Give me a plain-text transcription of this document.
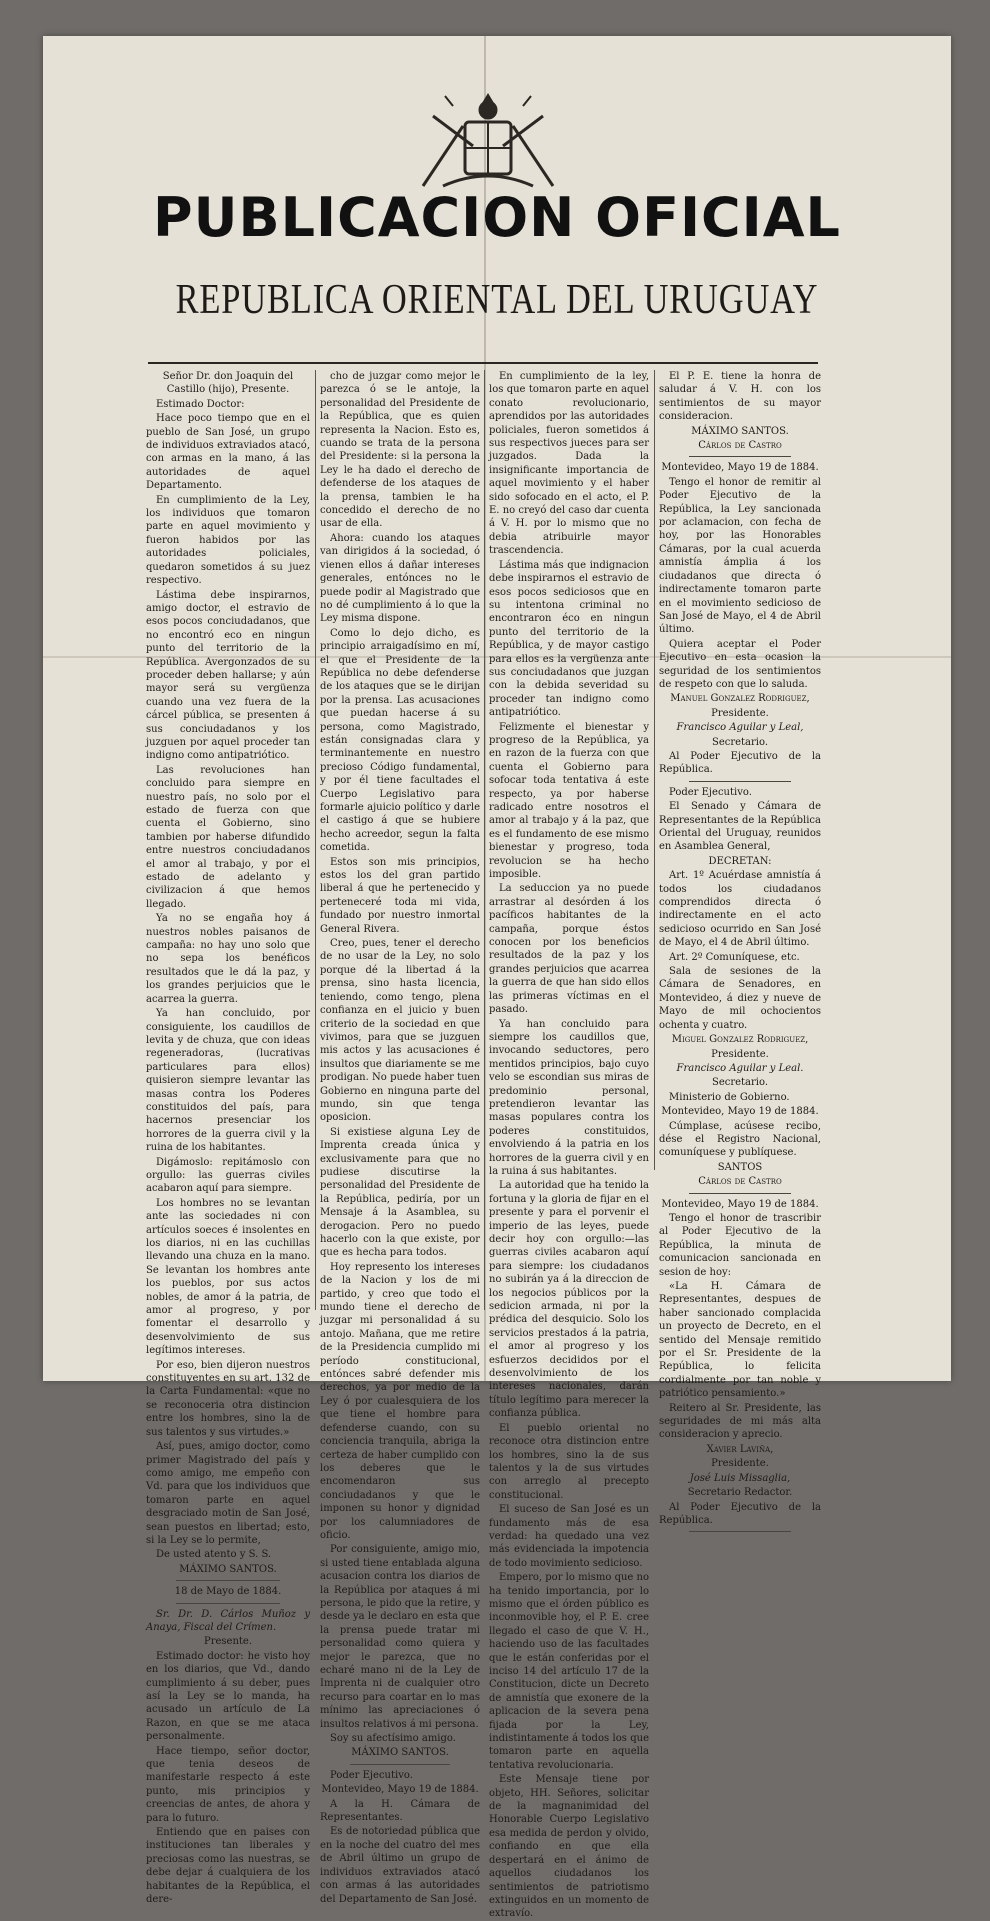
PUBLICACION OFICIAL
REPUBLICA ORIENTAL DEL URUGUAY

Señor Dr. don Joaquin del Castillo (hijo), Presente.

Estimado Doctor:

Hace poco tiempo que en el pueblo de San José, un grupo de individuos extraviados atacó, con armas en la mano, á las autoridades de aquel Departamento.

En cumplimiento de la Ley, los individuos que tomaron parte en aquel movimiento y fueron habidos por las autoridades policiales, quedaron sometidos á su juez respectivo.

Lástima debe inspirarnos, amigo doctor, el estravio de esos pocos conciudadanos, que no encontró eco en ningun punto del territorio de la República. Avergonzados de su proceder deben hallarse; y aún mayor será su vergüenza cuando una vez fuera de la cárcel pública, se presenten á sus conciudadanos y los juzguen por aquel proceder tan indigno como antipatriótico.

Las revoluciones han concluido para siempre en nuestro país, no solo por el estado de fuerza con que cuenta el Gobierno, sino tambien por haberse difundido entre nuestros conciudadanos el amor al trabajo, y por el estado de adelanto y civilizacion á que hemos llegado.

Ya no se engaña hoy á nuestros nobles paisanos de campaña: no hay uno solo que no sepa los benéficos resultados que le dá la paz, y los grandes perjuicios que le acarrea la guerra.

Ya han concluido, por consiguiente, los caudillos de levita y de chuza, que con ideas regeneradoras, (lucrativas particulares para ellos) quisieron siempre levantar las masas contra los Poderes constituidos del país, para hacernos presenciar los horrores de la guerra civil y la ruina de los habitantes.

Digámoslo: repitámoslo con orgullo: las guerras civiles acabaron aquí para siempre.

Los hombres no se levantan ante las sociedades ni con artículos soeces é insolentes en los diarios, ni en las cuchillas llevando una chuza en la mano. Se levantan los hombres ante los pueblos, por sus actos nobles, de amor á la patria, de amor al progreso, y por fomentar el desarrollo y desenvolvimiento de sus legítimos intereses.

Por eso, bien dijeron nuestros constituyentes en su art. 132 de la Carta Fundamental: «que no se reconoceria otra distincion entre los hombres, sino la de sus talentos y sus virtudes.»

Así, pues, amigo doctor, como primer Magistrado del país y como amigo, me empeño con Vd. para que los individuos que tomaron parte en aquel desgraciado motin de San José, sean puestos en libertad; esto, si la Ley se lo permite,

De usted atento y S. S.

MÁXIMO SANTOS.

18 de Mayo de 1884.

Sr. Dr. D. Cárlos Muñoz y Anaya, Fiscal del Crímen.

Presente.

Estimado doctor: he visto hoy en los diarios, que Vd., dando cumplimiento á su deber, pues así la Ley se lo manda, ha acusado un artículo de La Razon, en que se me ataca personalmente.

Hace tiempo, señor doctor, que tenia deseos de manifestarle respecto á este punto, mis principios y creencias de antes, de ahora y para lo futuro.

Entiendo que en paises con instituciones tan liberales y preciosas como las nuestras, se debe dejar á cualquiera de los habitantes de la República, el dere-

cho de juzgar como mejor le parezca ó se le antoje, la personalidad del Presidente de la República, que es quien representa la Nacion. Esto es, cuando se trata de la persona del Presidente: si la persona la Ley le ha dado el derecho de defenderse de los ataques de la prensa, tambien le ha concedido el derecho de no usar de ella.

Ahora: cuando los ataques van dirigidos á la sociedad, ó vienen ellos á dañar intereses generales, entónces no le puede podir al Magistrado que no dé cumplimiento á lo que la Ley misma dispone.

Como lo dejo dicho, es principio arraigadísimo en mí, el que el Presidente de la República no debe defenderse de los ataques que se le dirijan por la prensa. Las acusaciones que puedan hacerse á su persona, como Magistrado, están consignadas clara y terminantemente en nuestro precioso Código fundamental, y por él tiene facultades el Cuerpo Legislativo para formarle ajuicio político y darle el castigo á que se hubiere hecho acreedor, segun la falta cometida.

Estos son mis principios, estos los del gran partido liberal á que he pertenecido y perteneceré toda mi vida, fundado por nuestro inmortal General Rivera.

Creo, pues, tener el derecho de no usar de la Ley, no solo porque dé la libertad á la prensa, sino hasta licencia, teniendo, como tengo, plena confianza en el juicio y buen criterio de la sociedad en que vivimos, para que se juzguen mis actos y las acusaciones é insultos que diariamente se me prodigan. No puede haber tuen Gobierno en ninguna parte del mundo, sin que tenga oposicion.

Si existiese alguna Ley de Imprenta creada única y exclusivamente para que no pudiese discutirse la personalidad del Presidente de la República, pediría, por un Mensaje á la Asamblea, su derogacion. Pero no puedo hacerlo con la que existe, por que es hecha para todos.

Hoy represento los intereses de la Nacion y los de mi partido, y creo que todo el mundo tiene el derecho de juzgar mi personalidad á su antojo. Mañana, que me retire de la Presidencia cumplido mi período constitucional, entónces sabré defender mis derechos, ya por medio de la Ley ó por cualesquiera de los que tiene el hombre para defenderse cuando, con su conciencia tranquila, abriga la certeza de haber cumplido con los deberes que le encomendaron sus conciudadanos y que le imponen su honor y dignidad por los calumniadores de oficio.

Por consiguiente, amigo mio, si usted tiene entablada alguna acusacion contra los diarios de la República por ataques á mi persona, le pido que la retire, y desde ya le declaro en esta que la prensa puede tratar mi personalidad como quiera y mejor le parezca, que no echaré mano ni de la Ley de Imprenta ni de cualquier otro recurso para coartar en lo mas mínimo las apreciaciones ó insultos relativos á mi persona.

Soy su afectísimo amigo.

MÁXIMO SANTOS.

Poder Ejecutivo.

Montevideo, Mayo 19 de 1884.

A la H. Cámara de Representantes.

Es de notoriedad pública que en la noche del cuatro del mes de Abril último un grupo de individuos extraviados atacó con armas á las autoridades del Departamento de San José.

En cumplimiento de la ley, los que tomaron parte en aquel conato revolucionario, aprendidos por las autoridades policiales, fueron sometidos á sus respectivos jueces para ser juzgados. Dada la insignificante importancia de aquel movimiento y el haber sido sofocado en el acto, el P. E. no creyó del caso dar cuenta á V. H. por lo mismo que no debia atribuirle mayor trascendencia.

Lástima más que indignacion debe inspirarnos el estravio de esos pocos sediciosos que en su intentona criminal no encontraron éco en ningun punto del territorio de la República, y de mayor castigo para ellos es la vergüenza ante sus conciudadanos que juzgan con la debida severidad su proceder tan indigno como antipatriótico.

Felizmente el bienestar y progreso de la República, ya en razon de la fuerza con que cuenta el Gobierno para sofocar toda tentativa á este respecto, ya por haberse radicado entre nosotros el amor al trabajo y á la paz, que es el fundamento de ese mismo bienestar y progreso, toda revolucion se ha hecho imposible.

La seduccion ya no puede arrastrar al desórden á los pacíficos habitantes de la campaña, porque éstos conocen por los beneficios resultados de la paz y los grandes perjuicios que acarrea la guerra de que han sido ellos las primeras víctimas en el pasado.

Ya han concluido para siempre los caudillos que, invocando seductores, pero mentidos principios, bajo cuyo velo se escondian sus miras de predominio personal, pretendieron levantar las masas populares contra los poderes constituidos, envolviendo á la patria en los horrores de la guerra civil y en la ruina á sus habitantes.

La autoridad que ha tenido la fortuna y la gloria de fijar en el presente y para el porvenir el imperio de las leyes, puede decir hoy con orgullo:—las guerras civiles acabaron aquí para siempre: los ciudadanos no subirán ya á la direccion de los negocios públicos por la sedicion armada, ni por la prédica del desquicio. Solo los servicios prestados á la patria, el amor al progreso y los esfuerzos decididos por el desenvolvimiento de los intereses nacionales, darán título legítimo para merecer la confianza pública.

El pueblo oriental no reconoce otra distincion entre los hombres, sino la de sus talentos y la de sus virtudes con arreglo al precepto constitucional.

El suceso de San José es un fundamento más de esa verdad: ha quedado una vez más evidenciada la impotencia de todo movimiento sedicioso.

Empero, por lo mismo que no ha tenido importancia, por lo mismo que el órden público es inconmovible hoy, el P. E. cree llegado el caso de que V. H., haciendo uso de las facultades que le están conferidas por el inciso 14 del artículo 17 de la Constitucion, dicte un Decreto de amnistía que exonere de la aplicacion de la severa pena fijada por la Ley, indistintamente á todos los que tomaron parte en aquella tentativa revolucionaria.

Este Mensaje tiene por objeto, HH. Señores, solicitar de la magnanimidad del Honorable Cuerpo Legislativo esa medida de perdon y olvido, confiando en que ella despertará en el ánimo de aquellos ciudadanos los sentimientos de patriotismo extinguidos en un momento de extravío.

El P. E. tiene la honra de saludar á V. H. con los sentimientos de su mayor consideracion.

MÁXIMO SANTOS.

Cárlos de Castro

Montevideo, Mayo 19 de 1884.

Tengo el honor de remitir al Poder Ejecutivo de la República, la Ley sancionada por aclamacion, con fecha de hoy, por las Honorables Cámaras, por la cual acuerda amnistía ámplia á los ciudadanos que directa ó indirectamente tomaron parte en el movimiento sedicioso de San José de Mayo, el 4 de Abril último.

Quiera aceptar el Poder Ejecutivo en esta ocasion la seguridad de los sentimientos de respeto con que lo saluda.

Manuel Gonzalez Rodriguez,

Presidente.

Francisco Aguilar y Leal,

Secretario.

Al Poder Ejecutivo de la República.

Poder Ejecutivo.

El Senado y Cámara de Representantes de la República Oriental del Uruguay, reunidos en Asamblea General,

DECRETAN:

Art. 1º Acuérdase amnistía á todos los ciudadanos comprendidos directa ó indirectamente en el acto sedicioso ocurrido en San José de Mayo, el 4 de Abril último.

Art. 2º Comuníquese, etc.

Sala de sesiones de la Cámara de Senadores, en Montevideo, á diez y nueve de Mayo de mil ochocientos ochenta y cuatro.

Miguel Gonzalez Rodriguez,

Presidente.

Francisco Aguilar y Leal.

Secretario.

Ministerio de Gobierno.

Montevideo, Mayo 19 de 1884.

Cúmplase, acúsese recibo, dése el Registro Nacional, comuníquese y publíquese.

SANTOS

Cárlos de Castro

Montevideo, Mayo 19 de 1884.

Tengo el honor de trascribir al Poder Ejecutivo de la República, la minuta de comunicacion sancionada en sesion de hoy:

«La H. Cámara de Representantes, despues de haber sancionado complacida un proyecto de Decreto, en el sentido del Mensaje remitido por el Sr. Presidente de la República, lo felicita cordialmente por tan noble y patriótico pensamiento.»

Reitero al Sr. Presidente, las seguridades de mi más alta consideracion y aprecio.

Xavier Laviña,

Presidente.

José Luis Missaglia,

Secretario Redactor.

Al Poder Ejecutivo de la República.
